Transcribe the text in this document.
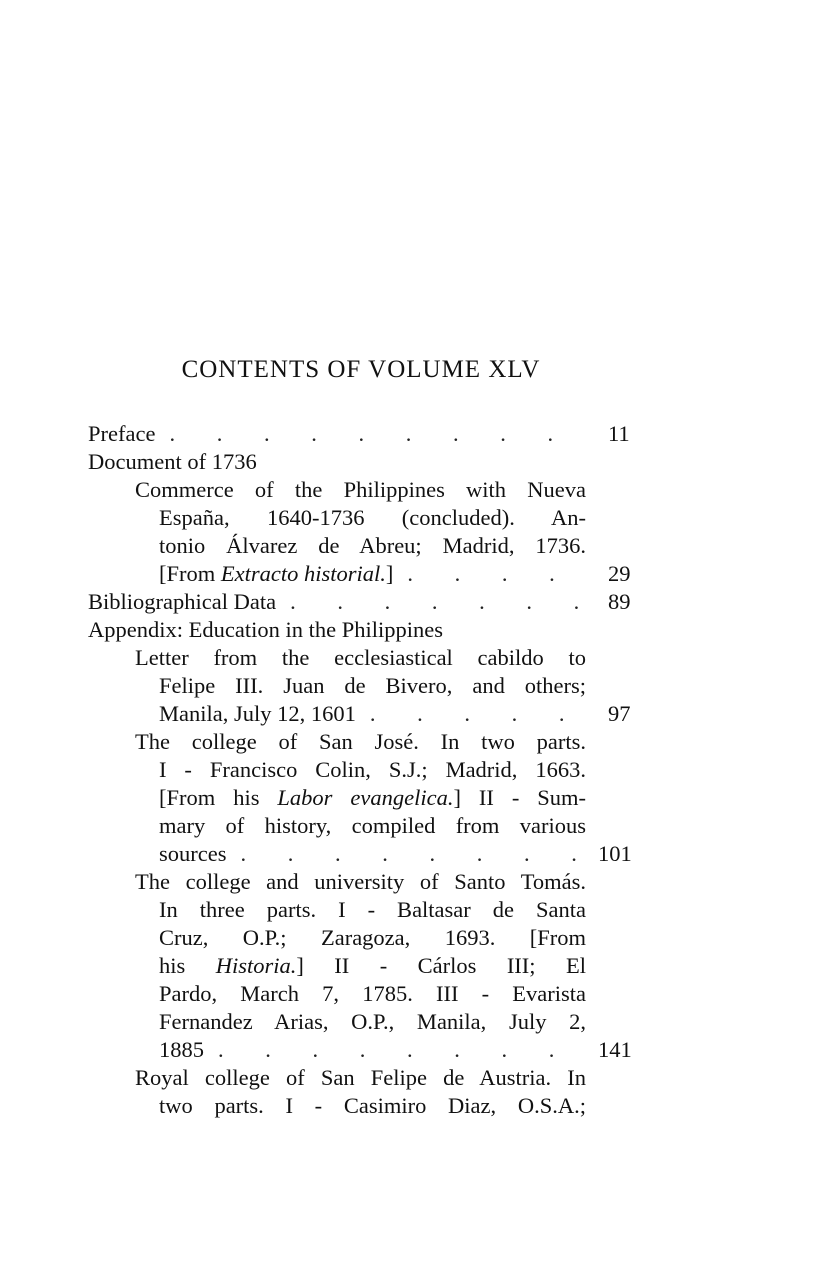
CONTENTS OF VOLUME XLV
Preface . . .	11
Document of 1736
Commerce of the Philippines with Nueva
España, 1640-1736 (concluded). An-
tonio Álvarez de Abreu; Madrid, 1736.
[From Extracto historial.] . . .	29
Bibliographical Data . . .	89
Appendix: Education in the Philippines
Letter from the ecclesiastical cabildo to
Felipe III. Juan de Bivero, and others;
Manila, July 12, 1601 . . .	97
The college of San José. In two parts.
I - Francisco Colin, S.J.; Madrid, 1663.
[From his Labor evangelica.] II - Sum-
mary of history, compiled from various
sources . . .	101
The college and university of Santo Tomás.
In three parts. I - Baltasar de Santa
Cruz, O.P.; Zaragoza, 1693. [From
his Historia.] II - Cárlos III; El
Pardo, March 7, 1785. III - Evarista
Fernandez Arias, O.P., Manila, July 2,
1885 . . .	141
Royal college of San Felipe de Austria. In
two parts. I - Casimiro Diaz, O.S.A.;
